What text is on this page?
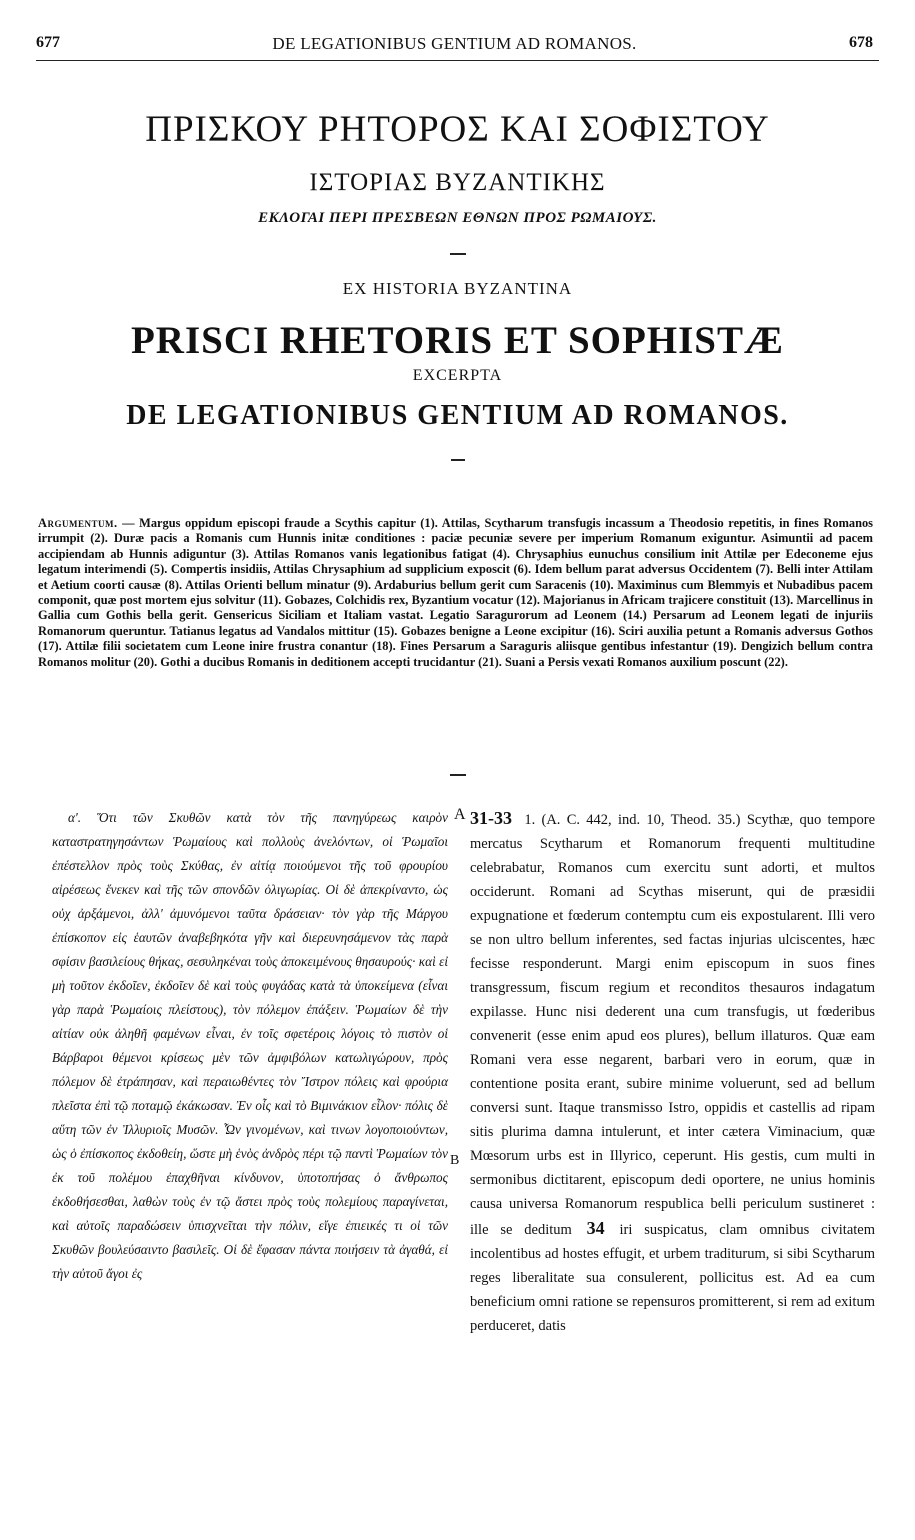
677	DE LEGATIONIBUS GENTIUM AD ROMANOS.	678
ΠΡΙΣΚΟΥ ΡΗΤΟΡΟΣ ΚΑΙ ΣΟΦΙΣΤΟΥ
ΙΣΤΟΡΙΑΣ ΒΥΖΑΝΤΙΚΗΣ
ΕΚΛΟΓΑΙ ΠΕΡΙ ΠΡΕΣΒΕΩΝ ΕΘΝΩΝ ΠΡΟΣ ΡΩΜΑΙΟΥΣ.
EX HISTORIA BYZANTINA
PRISCI RHETORIS ET SOPHISTÆ
EXCERPTA
DE LEGATIONIBUS GENTIUM AD ROMANOS.
Argumentum. — Margus oppidum episcopi fraude a Scythis capitur (1). Attilas, Scytharum transfugis incassum a Theodosio repetitis, in fines Romanos irrumpit (2). Duræ pacis a Romanis cum Hunnis initæ conditiones : paciæ pecuniæ severe per imperium Romanum exiguntur. Asimuntii ad pacem accipiendam ab Hunnis adiguntur (3). Attilas Romanos vanis legationibus fatigat (4). Chrysaphius eunuchus consilium init Attilæ per Edeconeme ejus legatum interimendi (5). Compertis insidiis, Attilas Chrysaphium ad supplicium exposcit (6). Idem bellum parat adversus Occidentem (7). Belli inter Attilam et Aetium coorti causæ (8). Attilas Orienti bellum minatur (9). Ardaburius bellum gerit cum Saracenis (10). Maximinus cum Blemmyis et Nubadibus pacem componit, quæ post mortem ejus solvitur (11). Gobazes, Colchidis rex, Byzantium vocatur (12). Majorianus in Africam trajicere constituit (13). Marcellinus in Gallia cum Gothis bella gerit. Gensericus Siciliam et Italiam vastat. Legatio Saragurorum ad Leonem (14.) Persarum ad Leonem legati de injuriis Romanorum queruntur. Tatianus legatus ad Vandalos mittitur (15). Gobazes benigne a Leone excipitur (16). Sciri auxilia petunt a Romanis adversus Gothos (17). Attilæ filii societatem cum Leone inire frustra conantur (18). Fines Persarum a Saraguris aliisque gentibus infestantur (19). Dengizich bellum contra Romanos molitur (20). Gothi a ducibus Romanis in deditionem accepti trucidantur (21). Suani a Persis vexati Romanos auxilium poscunt (22).

α'. Ὅτι τῶν Σκυθῶν κατὰ τὸν τῆς πανηγύρεως καιρὸν καταστρατηγησάντων Ῥωμαίους καὶ πολλοὺς ἀνελόντων, οἱ Ῥωμαῖοι ἐπέστελλον πρὸς τοὺς Σκύθας, ἐν αἰτίᾳ ποιούμενοι τῆς τοῦ φρουρίου αἱρέσεως ἕνεκεν καὶ τῆς τῶν σπονδῶν ὀλιγωρίας. Οἱ δὲ ἀπεκρίναντο, ὡς οὐχ ἀρξάμενοι, ἀλλ' ἀμυνόμενοι ταῦτα δράσειαν· τὸν γὰρ τῆς Μάργου ἐπίσκοπον εἰς ἑαυτῶν ἀναβεβηκότα γῆν καὶ διερευνησάμενον τὰς παρὰ σφίσιν βασιλείους θήκας, σεσυληκέναι τοὺς ἀποκειμένους θησαυρούς· καὶ εἰ μὴ τοῦτον ἐκδοῖεν, ἐκδοῖεν δὲ καὶ τοὺς φυγάδας κατὰ τὰ ὑποκείμενα (εἶναι γὰρ παρὰ Ῥωμαίοις πλείστους), τὸν πόλεμον ἐπάξειν. Ῥωμαίων δὲ τὴν αἰτίαν οὐκ ἀληθῆ φαμένων εἶναι, ἐν τοῖς σφετέροις λόγοις τὸ πιστὸν οἱ Βάρβαροι θέμενοι κρίσεως μὲν τῶν ἀμφιβόλων κατωλιγώρουν, πρὸς πόλεμον δὲ ἐτράπησαν, καὶ περαιωθέντες τὸν Ἴστρον πόλεις καὶ φρούρια πλεῖστα ἐπὶ τῷ ποταμῷ ἐκάκωσαν. Ἐν οἷς καὶ τὸ Βιμινάκιον εἷλον· πόλις δὲ αὕτη τῶν ἐν Ἰλλυριοῖς Μυσῶν. Ὧν γινομένων, καὶ τινων λογοποιούντων, ὡς ὁ ἐπίσκοπος ἐκδοθείη, ὥστε μὴ ἑνὸς ἀνδρὸς πέρι τῷ παντὶ Ῥωμαίων τὸν ἐκ τοῦ πολέμου ἐπαχθῆναι κίνδυνον, ὑποτοπήσας ὁ ἄνθρωπος ἐκδοθήσεσθαι, λαθὼν τοὺς ἐν τῷ ἄστει πρὸς τοὺς πολεμίους παραγίνεται, καὶ αὐτοῖς παραδώσειν ὑπισχνεῖται τὴν πόλιν, εἴγε ἐπιεικές τι οἱ τῶν Σκυθῶν βουλεύσαιντο βασιλεῖς. Οἱ δὲ ἔφασαν πάντα ποιήσειν τὰ ἀγαθά, εἰ τὴν αὐτοῦ ἄγοι ἐς

A
B

31-33 1. (A. C. 442, ind. 10, Theod. 35.) Scythæ, quo tempore mercatus Scytharum et Romanorum frequenti multitudine celebrabatur, Romanos cum exercitu sunt adorti, et multos occiderunt. Romani ad Scythas miserunt, qui de præsidii expugnatione et fœderum contemptu cum eis expostularent. Illi vero se non ultro bellum inferentes, sed factas injurias ulciscentes, hæc fecisse responderunt. Margi enim episcopum in suos fines transgressum, fiscum regium et reconditos thesauros indagatum expilasse. Hunc nisi dederent una cum transfugis, ut fœderibus convenerit (esse enim apud eos plures), bellum illaturos. Quæ eam Romani vera esse negarent, barbari vero in eorum, quæ in contentione posita erant, subire minime voluerunt, sed ad bellum conversi sunt. Itaque transmisso Istro, oppidis et castellis ad ripam sitis plurima damna intulerunt, et inter cætera Viminacium, quæ Mœsorum urbs est in Illyrico, ceperunt. His gestis, cum multi in sermonibus dictitarent, episcopum dedi oportere, ne unius hominis causa universa Romanorum respublica belli periculum sustineret : ille se deditum 34 iri suspicatus, clam omnibus civitatem incolentibus ad hostes effugit, et urbem traditurum, si sibi Scytharum reges liberalitate sua consulerent, pollicitus est. Ad ea cum beneficium omni ratione se repensuros promitterent, si rem ad exitum perduceret, datis
